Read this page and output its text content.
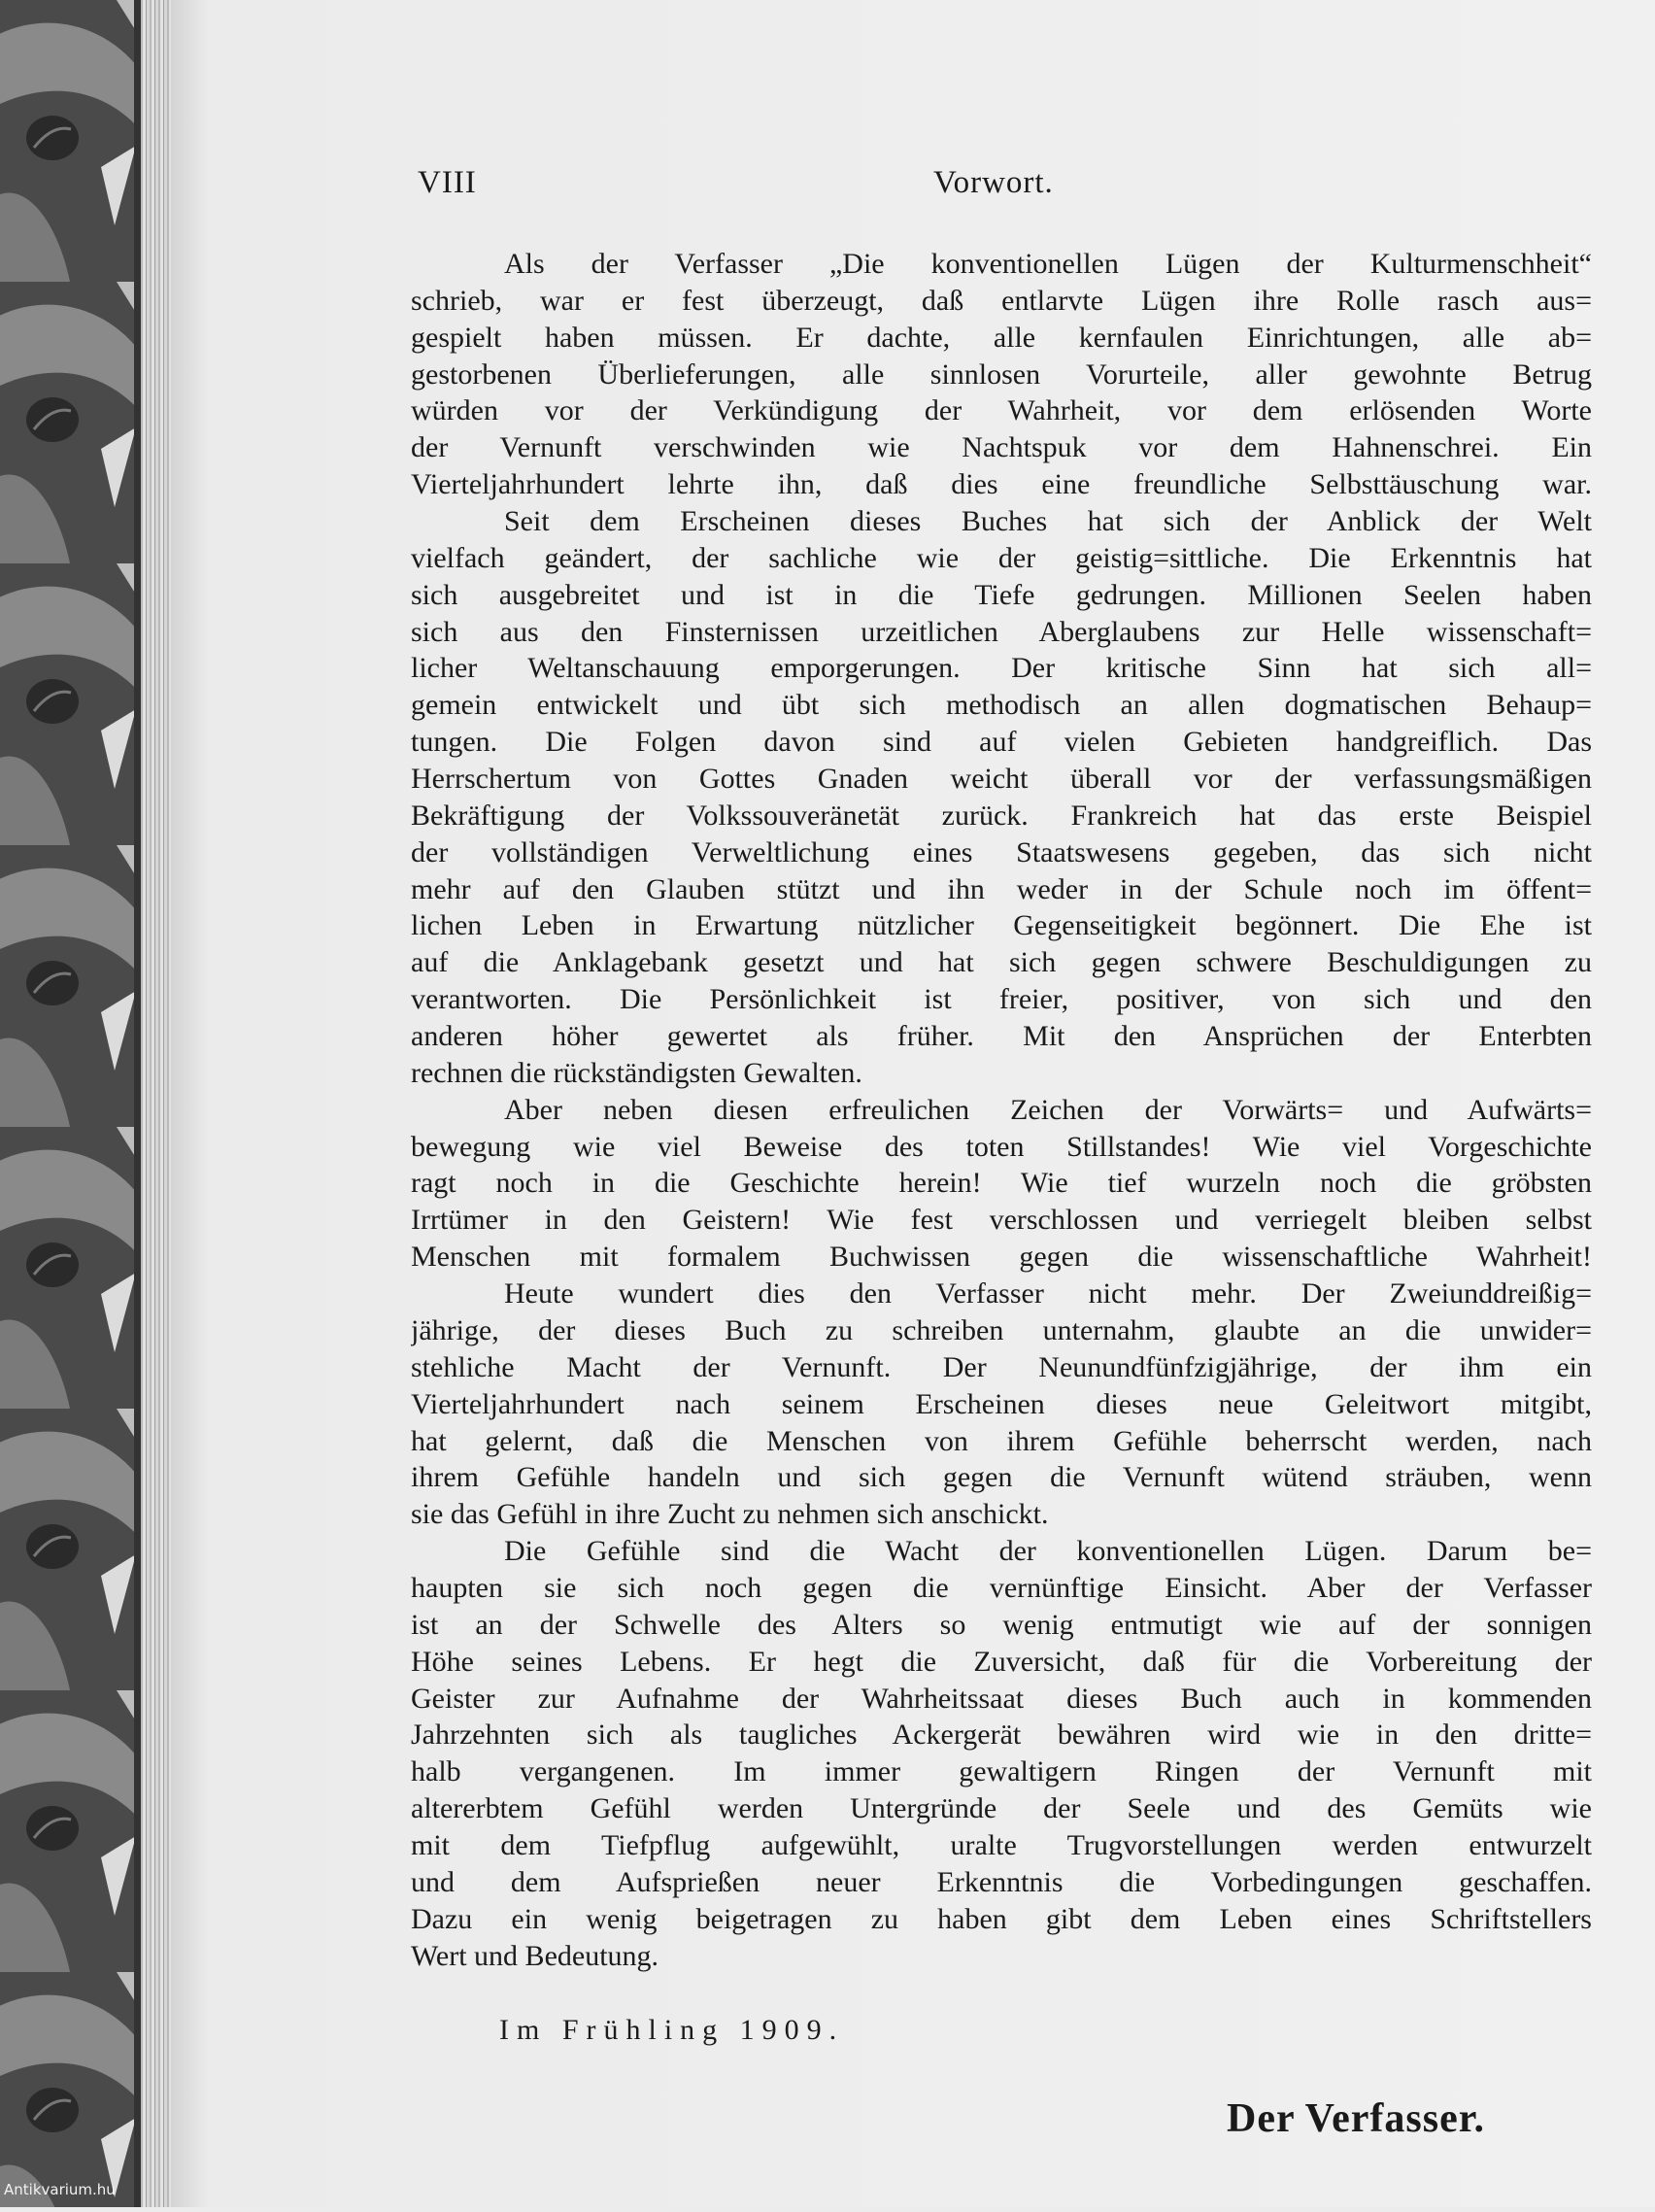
Antikvarium.hu
VIII	Vorwort.
Als der Verfasser „Die konventionellen Lügen der Kulturmenschheit“
schrieb, war er fest überzeugt, daß entlarvte Lügen ihre Rolle rasch aus=
gespielt haben müssen. Er dachte, alle kernfaulen Einrichtungen, alle ab=
gestorbenen Überlieferungen, alle sinnlosen Vorurteile, aller gewohnte Betrug
würden vor der Verkündigung der Wahrheit, vor dem erlösenden Worte
der Vernunft verschwinden wie Nachtspuk vor dem Hahnenschrei. Ein
Vierteljahrhundert lehrte ihn, daß dies eine freundliche Selbsttäuschung war.
Seit dem Erscheinen dieses Buches hat sich der Anblick der Welt
vielfach geändert, der sachliche wie der geistig=sittliche. Die Erkenntnis hat
sich ausgebreitet und ist in die Tiefe gedrungen. Millionen Seelen haben
sich aus den Finsternissen urzeitlichen Aberglaubens zur Helle wissenschaft=
licher Weltanschauung emporgerungen. Der kritische Sinn hat sich all=
gemein entwickelt und übt sich methodisch an allen dogmatischen Behaup=
tungen. Die Folgen davon sind auf vielen Gebieten handgreiflich. Das
Herrschertum von Gottes Gnaden weicht überall vor der verfassungsmäßigen
Bekräftigung der Volkssouveränetät zurück. Frankreich hat das erste Beispiel
der vollständigen Verweltlichung eines Staatswesens gegeben, das sich nicht
mehr auf den Glauben stützt und ihn weder in der Schule noch im öffent=
lichen Leben in Erwartung nützlicher Gegenseitigkeit begönnert. Die Ehe ist
auf die Anklagebank gesetzt und hat sich gegen schwere Beschuldigungen zu
verantworten. Die Persönlichkeit ist freier, positiver, von sich und den
anderen höher gewertet als früher. Mit den Ansprüchen der Enterbten
rechnen die rückständigsten Gewalten.
Aber neben diesen erfreulichen Zeichen der Vorwärts= und Aufwärts=
bewegung wie viel Beweise des toten Stillstandes! Wie viel Vorgeschichte
ragt noch in die Geschichte herein! Wie tief wurzeln noch die gröbsten
Irrtümer in den Geistern! Wie fest verschlossen und verriegelt bleiben selbst
Menschen mit formalem Buchwissen gegen die wissenschaftliche Wahrheit!
Heute wundert dies den Verfasser nicht mehr. Der Zweiunddreißig=
jährige, der dieses Buch zu schreiben unternahm, glaubte an die unwider=
stehliche Macht der Vernunft. Der Neunundfünfzigjährige, der ihm ein
Vierteljahrhundert nach seinem Erscheinen dieses neue Geleitwort mitgibt,
hat gelernt, daß die Menschen von ihrem Gefühle beherrscht werden, nach
ihrem Gefühle handeln und sich gegen die Vernunft wütend sträuben, wenn
sie das Gefühl in ihre Zucht zu nehmen sich anschickt.
Die Gefühle sind die Wacht der konventionellen Lügen. Darum be=
haupten sie sich noch gegen die vernünftige Einsicht. Aber der Verfasser
ist an der Schwelle des Alters so wenig entmutigt wie auf der sonnigen
Höhe seines Lebens. Er hegt die Zuversicht, daß für die Vorbereitung der
Geister zur Aufnahme der Wahrheitssaat dieses Buch auch in kommenden
Jahrzehnten sich als taugliches Ackergerät bewähren wird wie in den dritte=
halb vergangenen. Im immer gewaltigern Ringen der Vernunft mit
altererbtem Gefühl werden Untergründe der Seele und des Gemüts wie
mit dem Tiefpflug aufgewühlt, uralte Trugvorstellungen werden entwurzelt
und dem Aufsprießen neuer Erkenntnis die Vorbedingungen geschaffen.
Dazu ein wenig beigetragen zu haben gibt dem Leben eines Schriftstellers
Wert und Bedeutung.
Im Frühling 1909.
Der Verfasser.
